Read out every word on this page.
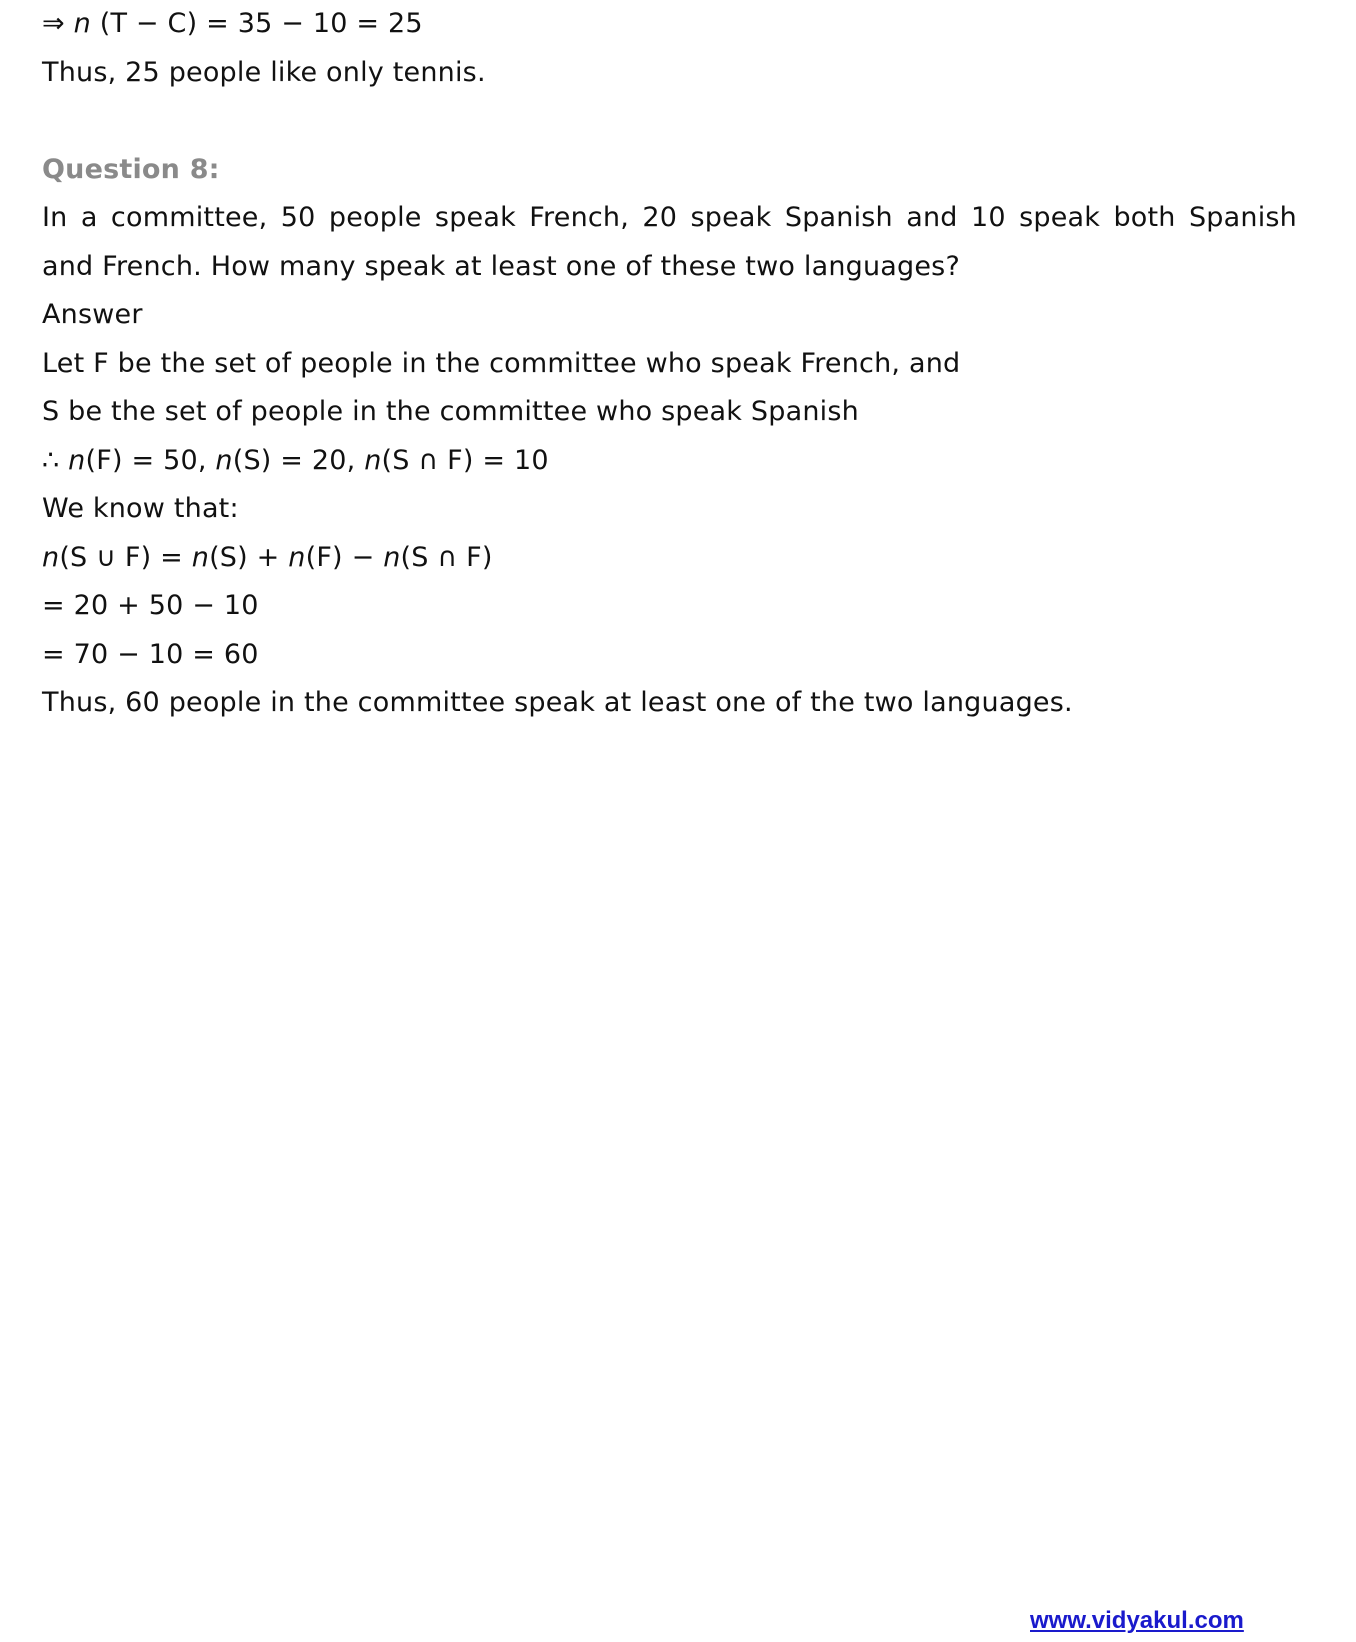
⇒ n (T − C) = 35 − 10 = 25
Thus, 25 people like only tennis.
Question 8:
In a committee, 50 people speak French, 20 speak Spanish and 10 speak both Spanish
and French. How many speak at least one of these two languages?
Answer
Let F be the set of people in the committee who speak French, and
S be the set of people in the committee who speak Spanish
∴ n(F) = 50, n(S) = 20, n(S ∩ F) = 10
We know that:
n(S ∪ F) = n(S) + n(F) − n(S ∩ F)
= 20 + 50 − 10
= 70 − 10 = 60
Thus, 60 people in the committee speak at least one of the two languages.
www.vidyakul.com
